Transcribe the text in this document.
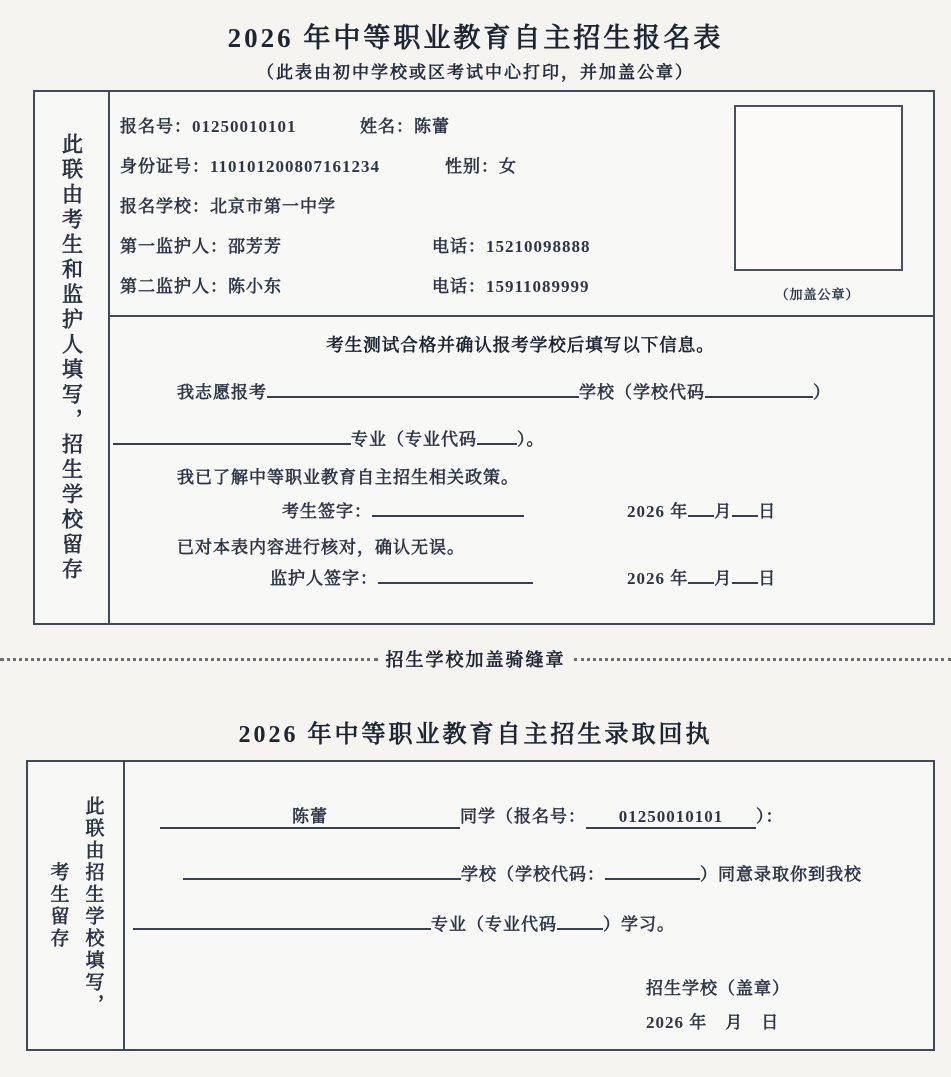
2026 年中等职业教育自主招生报名表
（此表由初中学校或区考试中心打印，并加盖公章）
此联由考生和监护人填写，招生学校留存
报名号：01250010101	姓名：陈蕾
身份证号：110101200807161234	性别：女
报名学校：北京市第一中学
第一监护人：邵芳芳	电话：15210098888
第二监护人：陈小东	电话：15911089999	（加盖公章）
考生测试合格并确认报考学校后填写以下信息。
我志愿报考	学校（学校代码	）
专业（专业代码 ）。
我已了解中等职业教育自主招生相关政策。
考生签字：	2026 年 月 日
已对本表内容进行核对，确认无误。
监护人签字：	2026 年 月 日
招生学校加盖骑缝章
2026 年中等职业教育自主招生录取回执
考生留存 此联由招生学校填写，	陈蕾	同学（报名号： 01250010101 ）：
学校（学校代码：	）同意录取你到我校
专业（专业代码	）学习。
招生学校（盖章）
2026 年　月　日
